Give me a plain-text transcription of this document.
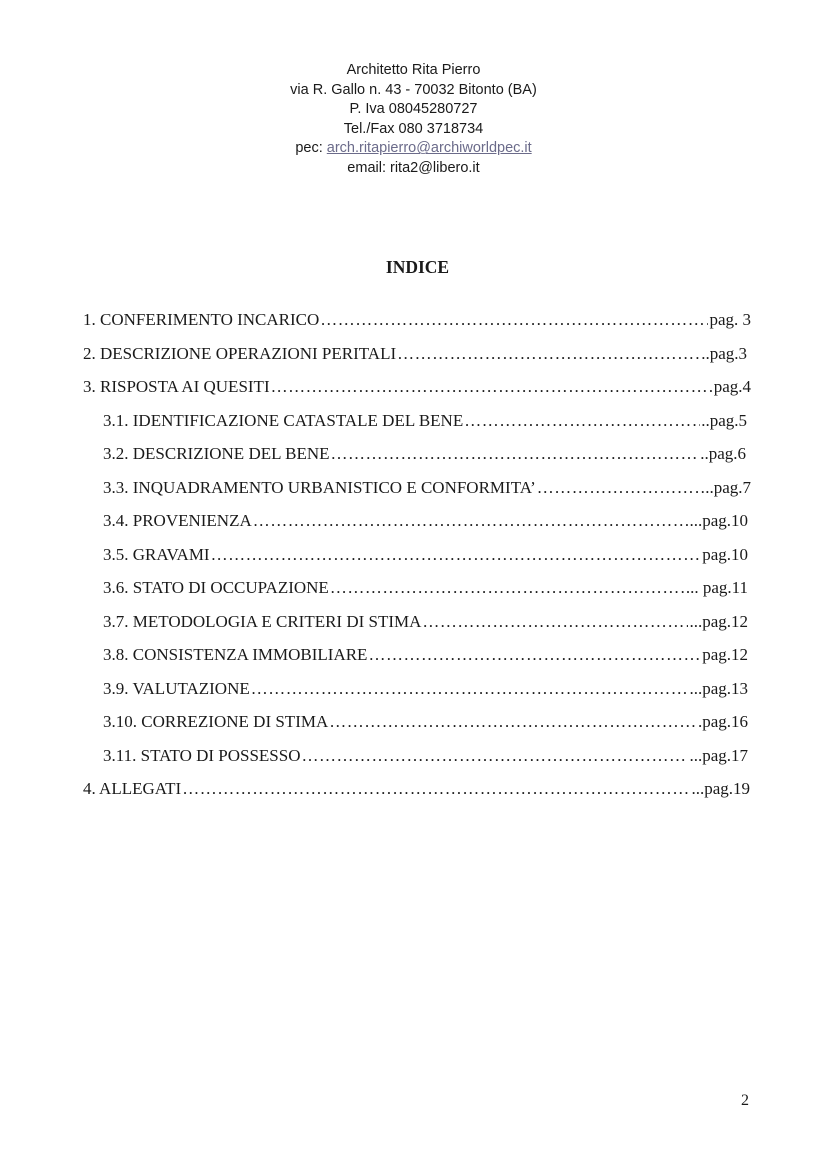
Architetto Rita Pierro
via R. Gallo n. 43 - 70032 Bitonto (BA)
P. Iva 08045280727
Tel./Fax 080 3718734
pec: arch.ritapierro@archiworldpec.it
email: rita2@libero.it
INDICE
1. CONFERIMENTO INCARICO ………………………………………………………………………………………………………………………………………………………………	pag. 3
2. DESCRIZIONE OPERAZIONI PERITALI ………………………………………………………………………………………………………………………………………………………………	..pag.3
3. RISPOSTA AI QUESITI ………………………………………………………………………………………………………………………………………………………………	pag.4
3.1. IDENTIFICAZIONE CATASTALE DEL BENE ………………………………………………………………………………………………………………………………………………………………	..pag.5
3.2. DESCRIZIONE DEL BENE ………………………………………………………………………………………………………………………………………………………………	..pag.6
3.3. INQUADRAMENTO URBANISTICO E CONFORMITA’ ………………………………………………………………………………………………………………………………………………………………	..pag.7
3.4. PROVENIENZA ………………………………………………………………………………………………………………………………………………………………	...pag.10
3.5. GRAVAMI ………………………………………………………………………………………………………………………………………………………………	pag.10
3.6. STATO DI OCCUPAZIONE ………………………………………………………………………………………………………………………………………………………………	... pag.11
3.7. METODOLOGIA E CRITERI DI STIMA ………………………………………………………………………………………………………………………………………………………………	...pag.12
3.8. CONSISTENZA IMMOBILIARE ………………………………………………………………………………………………………………………………………………………………	pag.12
3.9. VALUTAZIONE ………………………………………………………………………………………………………………………………………………………………	...pag.13
3.10. CORREZIONE DI STIMA ………………………………………………………………………………………………………………………………………………………………	.pag.16
3.11. STATO DI POSSESSO ………………………………………………………………………………………………………………………………………………………………	...pag.17
4. ALLEGATI ………………………………………………………………………………………………………………………………………………………………	...pag.19
2
